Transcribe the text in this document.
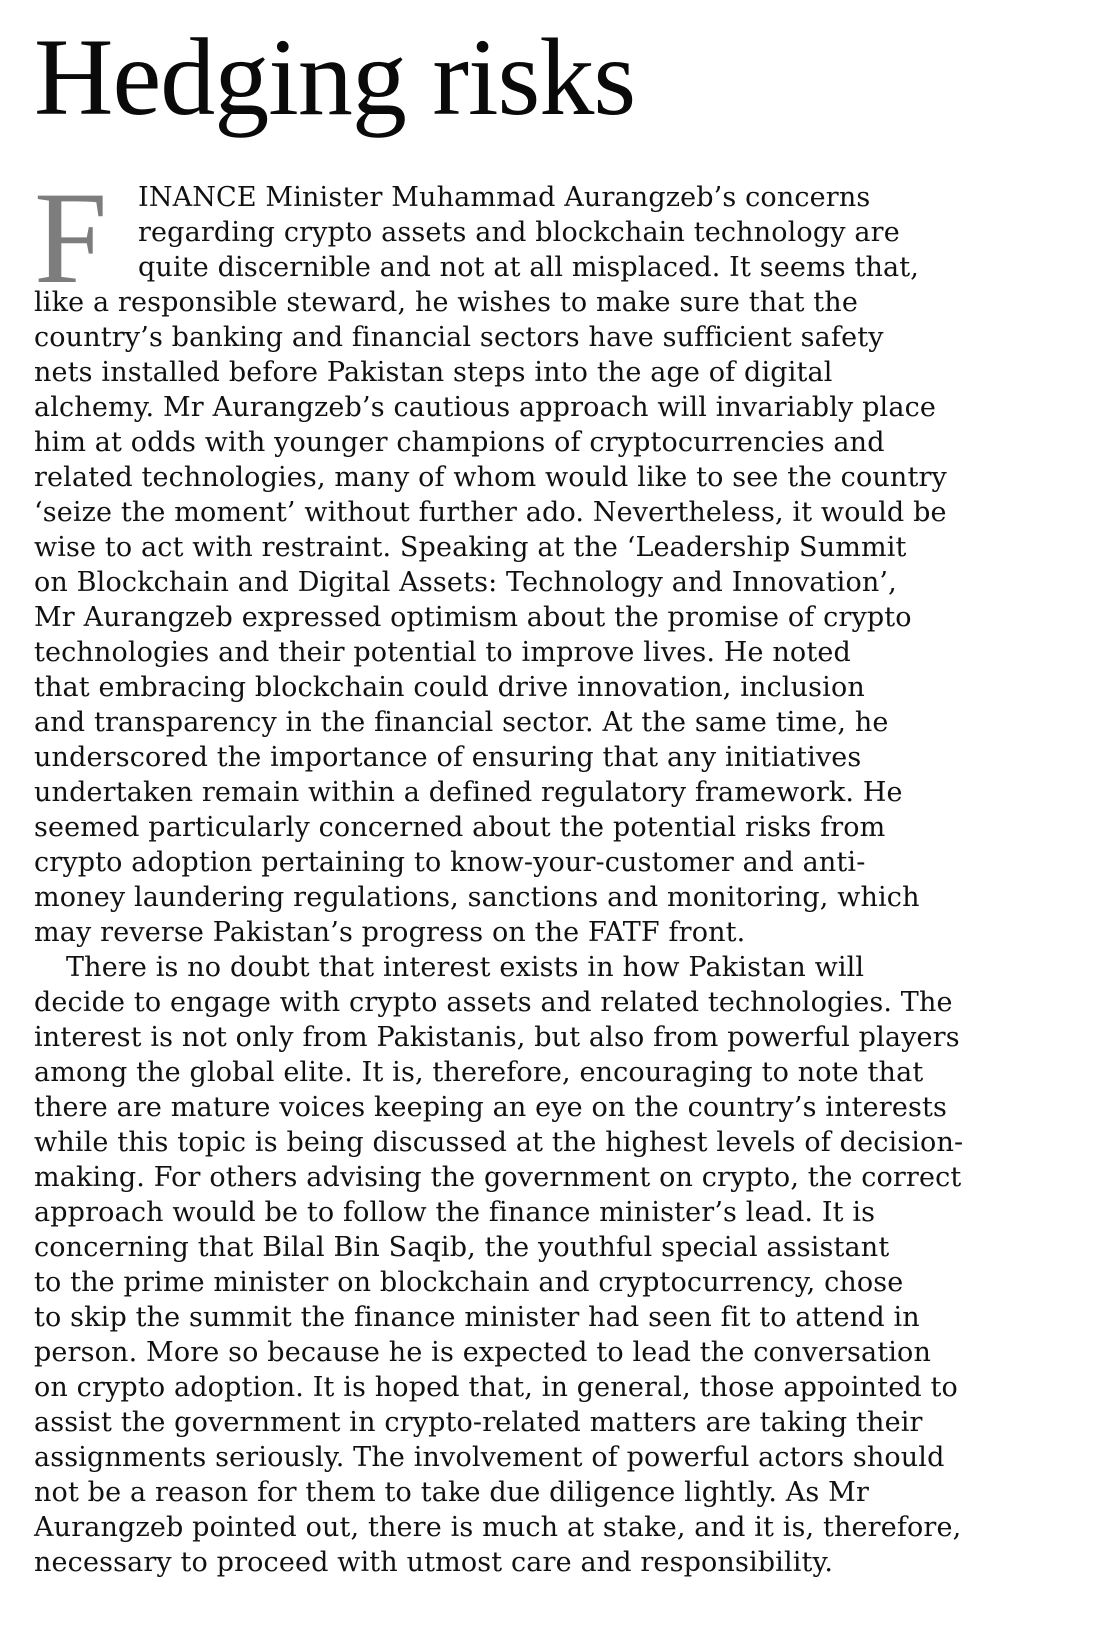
Hedging risks
F	INANCE Minister Muhammad Aurangzeb’s concerns
regarding crypto assets and blockchain technology are
quite discernible and not at all misplaced. It seems that,
like a responsible steward, he wishes to make sure that the
country’s banking and financial sectors have sufficient safety
nets installed before Pakistan steps into the age of digital
alchemy. Mr Aurangzeb’s cautious approach will invariably place
him at odds with younger champions of cryptocurrencies and
related technologies, many of whom would like to see the country
‘seize the moment’ without further ado. Nevertheless, it would be
wise to act with restraint. Speaking at the ‘Leadership Summit
on Blockchain and Digital Assets: Technology and Innovation’,
Mr Aurangzeb expressed optimism about the promise of crypto
technologies and their potential to improve lives. He noted
that embracing blockchain could drive innovation, inclusion
and transparency in the financial sector. At the same time, he
underscored the importance of ensuring that any initiatives
undertaken remain within a defined regulatory framework. He
seemed particularly concerned about the potential risks from
crypto adoption pertaining to know-your-customer and anti-
money laundering regulations, sanctions and monitoring, which
may reverse Pakistan’s progress on the FATF front.
There is no doubt that interest exists in how Pakistan will
decide to engage with crypto assets and related technologies. The
interest is not only from Pakistanis, but also from powerful players
among the global elite. It is, therefore, encouraging to note that
there are mature voices keeping an eye on the country’s interests
while this topic is being discussed at the highest levels of decision-
making. For others advising the government on crypto, the correct
approach would be to follow the finance minister’s lead. It is
concerning that Bilal Bin Saqib, the youthful special assistant
to the prime minister on blockchain and cryptocurrency, chose
to skip the summit the finance minister had seen fit to attend in
person. More so because he is expected to lead the conversation
on crypto adoption. It is hoped that, in general, those appointed to
assist the government in crypto-related matters are taking their
assignments seriously. The involvement of powerful actors should
not be a reason for them to take due diligence lightly. As Mr
Aurangzeb pointed out, there is much at stake, and it is, therefore,
necessary to proceed with utmost care and responsibility.
